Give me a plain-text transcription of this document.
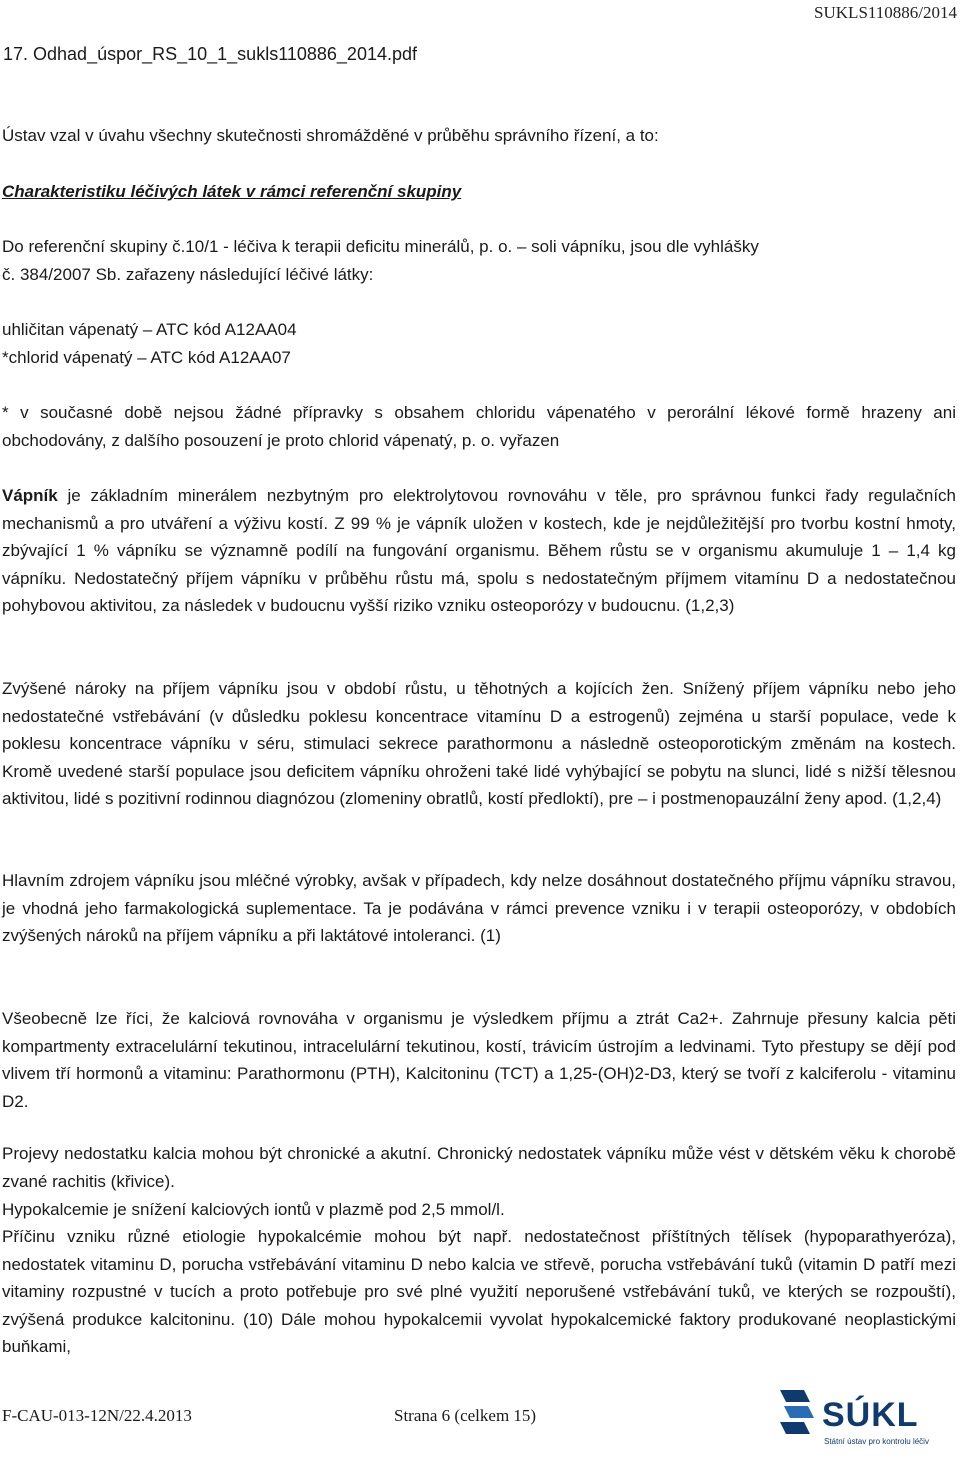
SUKLS110886/2014
17. Odhad_úspor_RS_10_1_sukls110886_2014.pdf

Ústav vzal v úvahu všechny skutečnosti shromážděné v průběhu správního řízení, a to:

Charakteristiku léčivých látek v rámci referenční skupiny

Do referenční skupiny č.10/1 - léčiva k terapii deficitu minerálů, p. o. – soli vápníku, jsou dle vyhlášky

č. 384/2007 Sb. zařazeny následující léčivé látky:

uhličitan vápenatý – ATC kód A12AA04

*chlorid vápenatý – ATC kód A12AA07

* v současné době nejsou žádné přípravky s obsahem chloridu vápenatého v perorální lékové formě hrazeny ani obchodovány, z dalšího posouzení je proto chlorid vápenatý, p. o. vyřazen

Vápník je základním minerálem nezbytným pro elektrolytovou rovnováhu v těle, pro správnou funkci řady regulačních mechanismů a pro utváření a výživu kostí. Z 99 % je vápník uložen v kostech, kde je nejdůležitější pro tvorbu kostní hmoty, zbývající 1 % vápníku se významně podílí na fungování organismu. Během růstu se v organismu akumuluje 1 – 1,4 kg vápníku. Nedostatečný příjem vápníku v průběhu růstu má, spolu s nedostatečným příjmem vitamínu D a nedostatečnou pohybovou aktivitou, za následek v budoucnu vyšší riziko vzniku osteoporózy v budoucnu. (1,2,3)

Zvýšené nároky na příjem vápníku jsou v období růstu, u těhotných a kojících žen. Snížený příjem vápníku nebo jeho nedostatečné vstřebávání (v důsledku poklesu koncentrace vitamínu D a estrogenů) zejména u starší populace, vede k poklesu koncentrace vápníku v séru, stimulaci sekrece parathormonu a následně osteoporotickým změnám na kostech. Kromě uvedené starší populace jsou deficitem vápníku ohroženi také lidé vyhýbající se pobytu na slunci, lidé s nižší tělesnou aktivitou, lidé s pozitivní rodinnou diagnózou (zlomeniny obratlů, kostí předloktí), pre – i postmenopauzální ženy apod. (1,2,4)

Hlavním zdrojem vápníku jsou mléčné výrobky, avšak v případech, kdy nelze dosáhnout dostatečného příjmu vápníku stravou, je vhodná jeho farmakologická suplementace. Ta je podávána v rámci prevence vzniku i v terapii osteoporózy, v obdobích zvýšených nároků na příjem vápníku a při laktátové intoleranci. (1)

Všeobecně lze říci, že kalciová rovnováha v organismu je výsledkem příjmu a ztrát Ca2+. Zahrnuje přesuny kalcia pěti kompartmenty extracelulární tekutinou, intracelulární tekutinou, kostí, trávicím ústrojím a ledvinami. Tyto přestupy se dějí pod vlivem tří hormonů a vitaminu: Parathormonu (PTH), Kalcitoninu (TCT) a 1,25-(OH)2-D3, který se tvoří z kalciferolu - vitaminu D2.

Projevy nedostatku kalcia mohou být chronické a akutní. Chronický nedostatek vápníku může vést v dětském věku k chorobě zvané rachitis (křivice).

Hypokalcemie je snížení kalciových iontů v plazmě pod 2,5 mmol/l.

Příčinu vzniku různé etiologie hypokalcémie mohou být např. nedostatečnost příštítných tělísek (hypoparathyeróza), nedostatek vitaminu D, porucha vstřebávání vitaminu D nebo kalcia ve střevě, porucha vstřebávání tuků (vitamin D patří mezi vitaminy rozpustné v tucích a proto potřebuje pro své plné využití neporušené vstřebávání tuků, ve kterých se rozpouští), zvýšená produkce kalcitoninu. (10) Dále mohou hypokalcemii vyvolat hypokalcemické faktory produkované neoplastickými buňkami,

F-CAU-013-12N/22.4.2013	Strana 6 (celkem 15)	SÚKL
Státní ústav pro kontrolu léčiv
